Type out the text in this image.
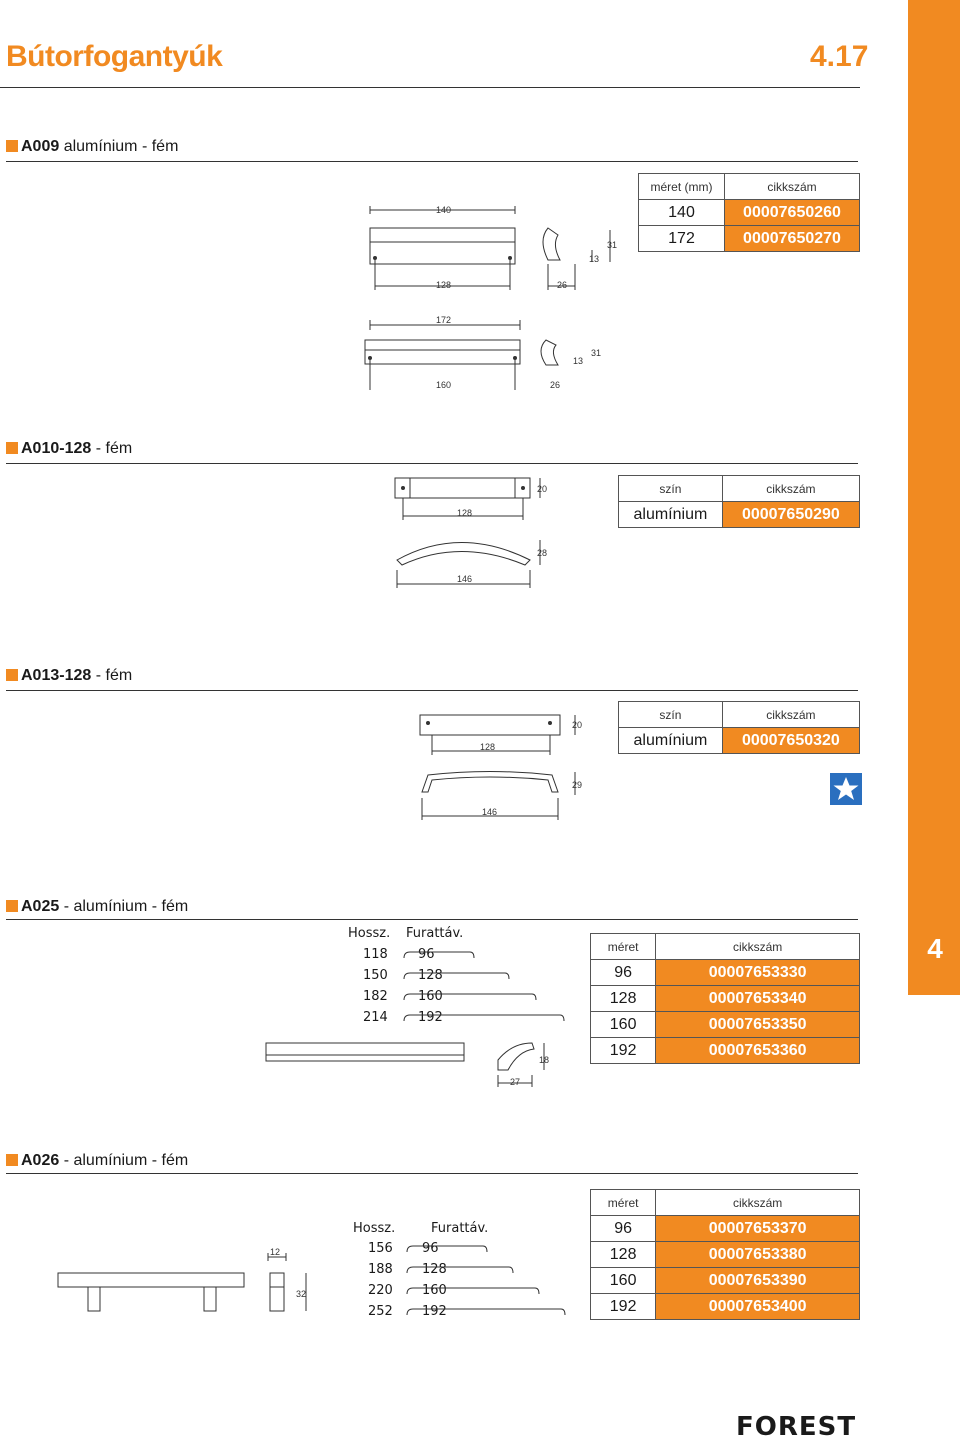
Bútorfogantyúk	4.17
4
A009 alumínium - fém
méret (mm)	cikkszám
140	00007650260
172	00007650270
140
128	26
13
31
172
160	26
13
31
A010-128 - fém
szín	cikkszám
alumínium	00007650290
128
20
146
28
A013-128 - fém
szín	cikkszám
alumínium	00007650320
128
20
146
29
A025 - alumínium - fém
Hossz. Furattáv.
118 96
150 128
182 160
214 192
27
18
méret	cikkszám
96	00007653330
128	00007653340
160	00007653350
192	00007653360
A026 - alumínium - fém
12
32
Hossz.	Furattáv.
156 96
188 128
220 160
252 192
méret	cikkszám
96	00007653370
128	00007653380
160	00007653390
192	00007653400
FOREST
